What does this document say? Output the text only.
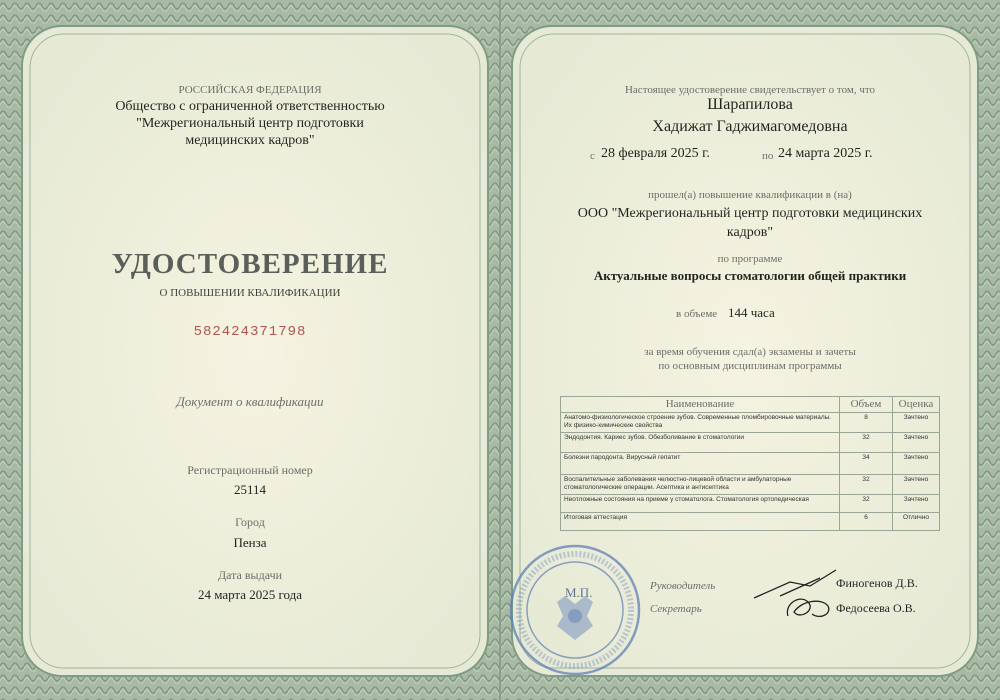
РОССИЙСКАЯ ФЕДЕРАЦИЯ
Общество с ограниченной ответственностью
"Межрегиональный центр подготовки
медицинских кадров"
УДОСТОВЕРЕНИЕ
О ПОВЫШЕНИИ КВАЛИФИКАЦИИ
582424371798
Документ о квалификации
Регистрационный номер
25114
Город
Пенза
Дата выдачи
24 марта 2025 года
Настоящее удостоверение свидетельствует о том, что
Шарапилова
Хадижат Гаджимагомедовна
с 28 февраля 2025 г.	по 24 марта 2025 г.
прошел(а) повышение квалификации в (на)
ООО "Межрегиональный центр подготовки медицинских
кадров"
по программе
Актуальные вопросы стоматологии общей практики
в объеме 144 часа
за время обучения сдал(а) экзамены и зачеты
по основным дисциплинам программы
Наименование	Объем	Оценка
Анатомо-физиологическое строение зубов. Современные пломбировочные материалы. Их физико-химические свойства	8	Зачтено
Эндодонтия. Кариес зубов. Обезболивание в стоматологии	32	Зачтено
Болезни пародонта. Вирусный гепатит	34	Зачтено
Воспалительные заболевания челюстно-лицевой области и амбулаторные стоматологические операции. Асептика и антисептика	32	Зачтено
Неотложные состояния на приеме у стоматолога. Стоматология ортопедическая	32	Зачтено
Итоговая аттестация	6	Отлично
М.П.	Руководитель	Финогенов Д.В.
Секретарь	Федосеева О.В.
